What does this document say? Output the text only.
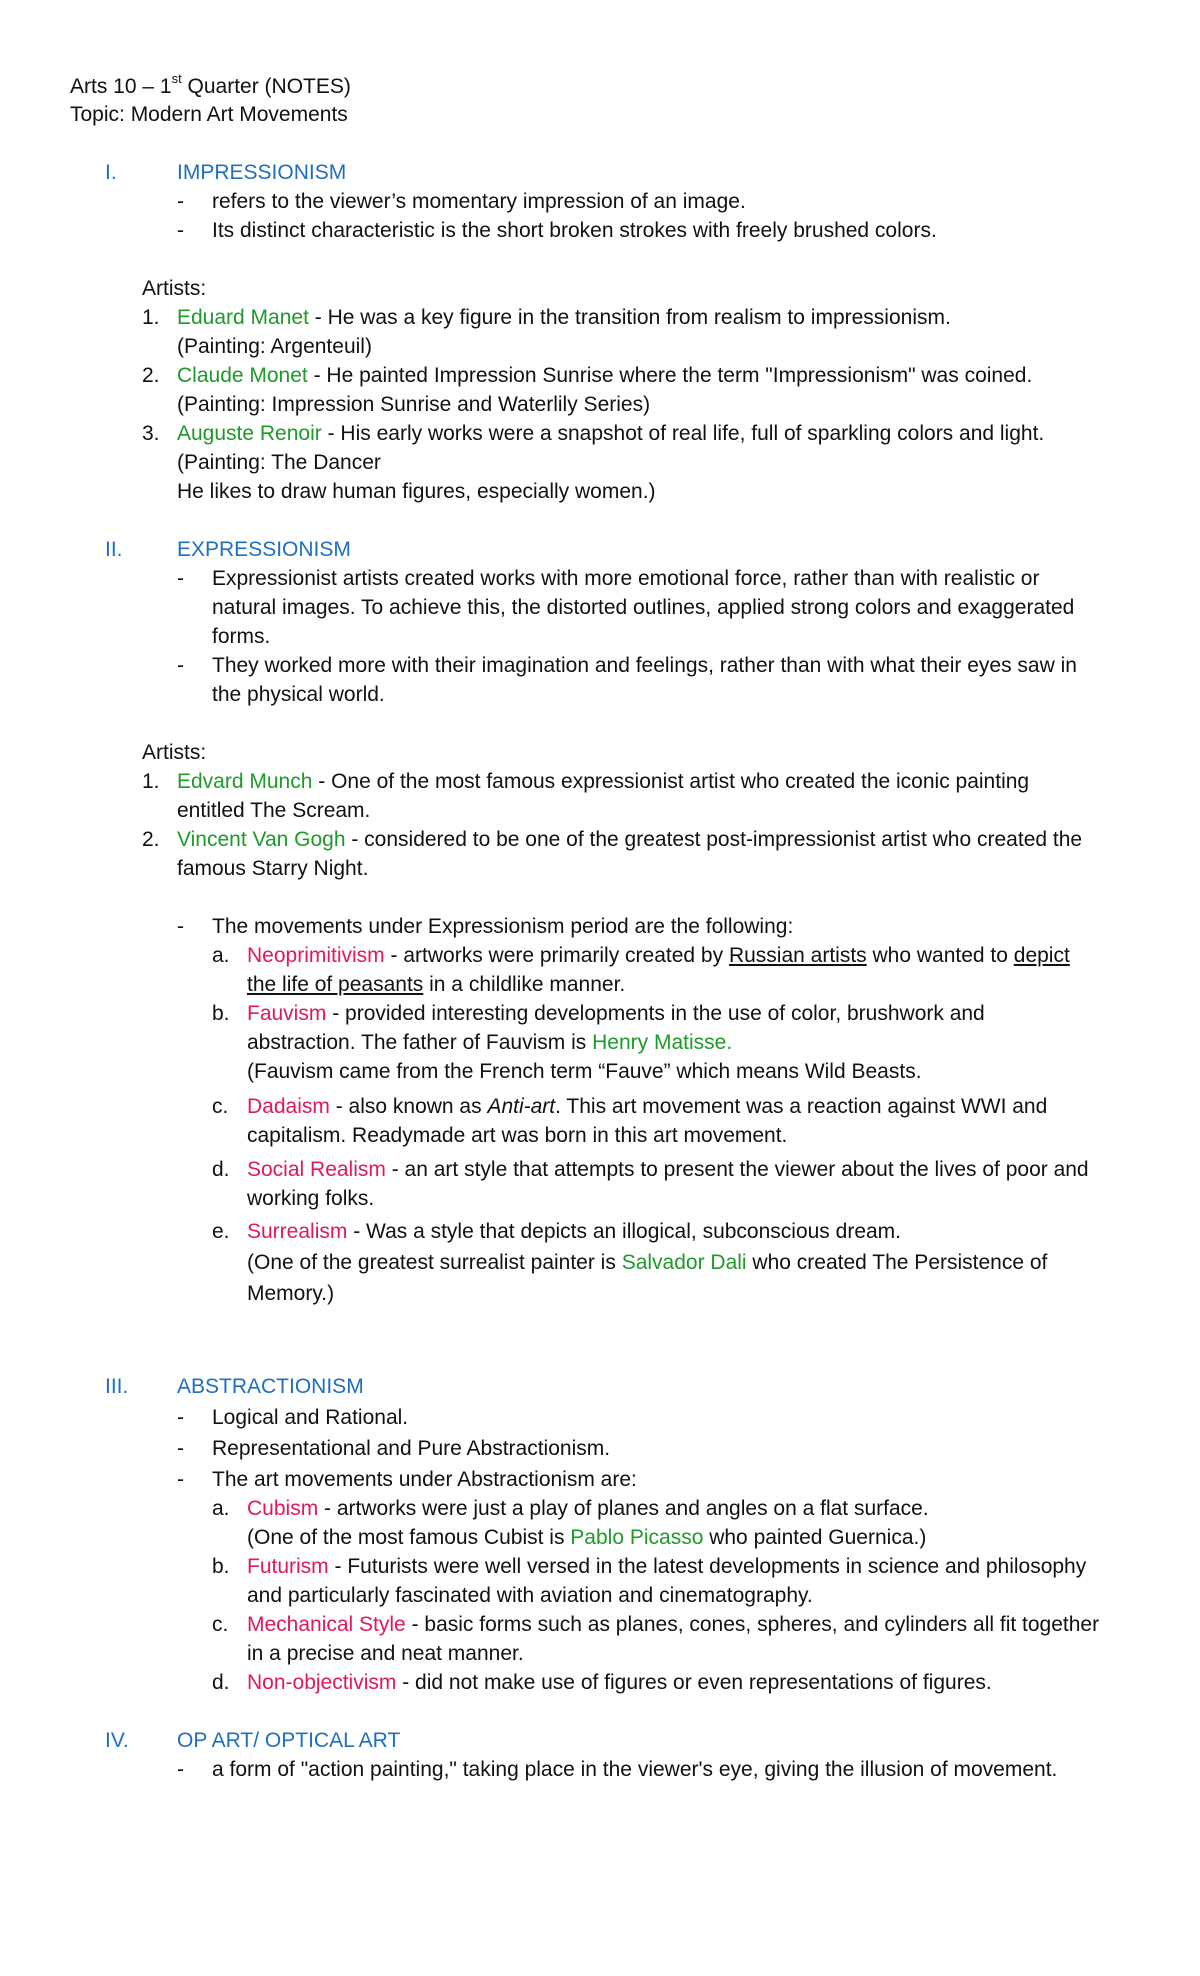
Arts 10 – 1st Quarter (NOTES)
Topic: Modern Art Movements
I.	IMPRESSIONISM
- refers to the viewer’s momentary impression of an image.
- Its distinct characteristic is the short broken strokes with freely brushed colors.
Artists:
1. Eduard Manet - He was a key figure in the transition from realism to impressionism.
(Painting: Argenteuil)
2. Claude Monet - He painted Impression Sunrise where the term "Impressionism" was coined.
(Painting: Impression Sunrise and Waterlily Series)
3. Auguste Renoir - His early works were a snapshot of real life, full of sparkling colors and light.
(Painting: The Dancer
He likes to draw human figures, especially women.)
II.	EXPRESSIONISM
- Expressionist artists created works with more emotional force, rather than with realistic or
natural images. To achieve this, the distorted outlines, applied strong colors and exaggerated
forms.
- They worked more with their imagination and feelings, rather than with what their eyes saw in
the physical world.
Artists:
1. Edvard Munch - One of the most famous expressionist artist who created the iconic painting
entitled The Scream.
2. Vincent Van Gogh - considered to be one of the greatest post-impressionist artist who created the
famous Starry Night.
- The movements under Expressionism period are the following:
a. Neoprimitivism - artworks were primarily created by Russian artists who wanted to depict
the life of peasants in a childlike manner.
b. Fauvism - provided interesting developments in the use of color, brushwork and
abstraction. The father of Fauvism is Henry Matisse.
(Fauvism came from the French term “Fauve” which means Wild Beasts.
c. Dadaism - also known as Anti-art. This art movement was a reaction against WWI and
capitalism. Readymade art was born in this art movement.
d. Social Realism - an art style that attempts to present the viewer about the lives of poor and
working folks.
e. Surrealism - Was a style that depicts an illogical, subconscious dream.
(One of the greatest surrealist painter is Salvador Dali who created The Persistence of
Memory.)
III. ABSTRACTIONISM
- Logical and Rational.
- Representational and Pure Abstractionism.
- The art movements under Abstractionism are:
a. Cubism - artworks were just a play of planes and angles on a flat surface.
(One of the most famous Cubist is Pablo Picasso who painted Guernica.)
b. Futurism - Futurists were well versed in the latest developments in science and philosophy
and particularly fascinated with aviation and cinematography.
c. Mechanical Style - basic forms such as planes, cones, spheres, and cylinders all fit together
in a precise and neat manner.
d. Non-objectivism - did not make use of figures or even representations of figures.
IV. OP ART/ OPTICAL ART
- a form of "action painting," taking place in the viewer's eye, giving the illusion of movement.
